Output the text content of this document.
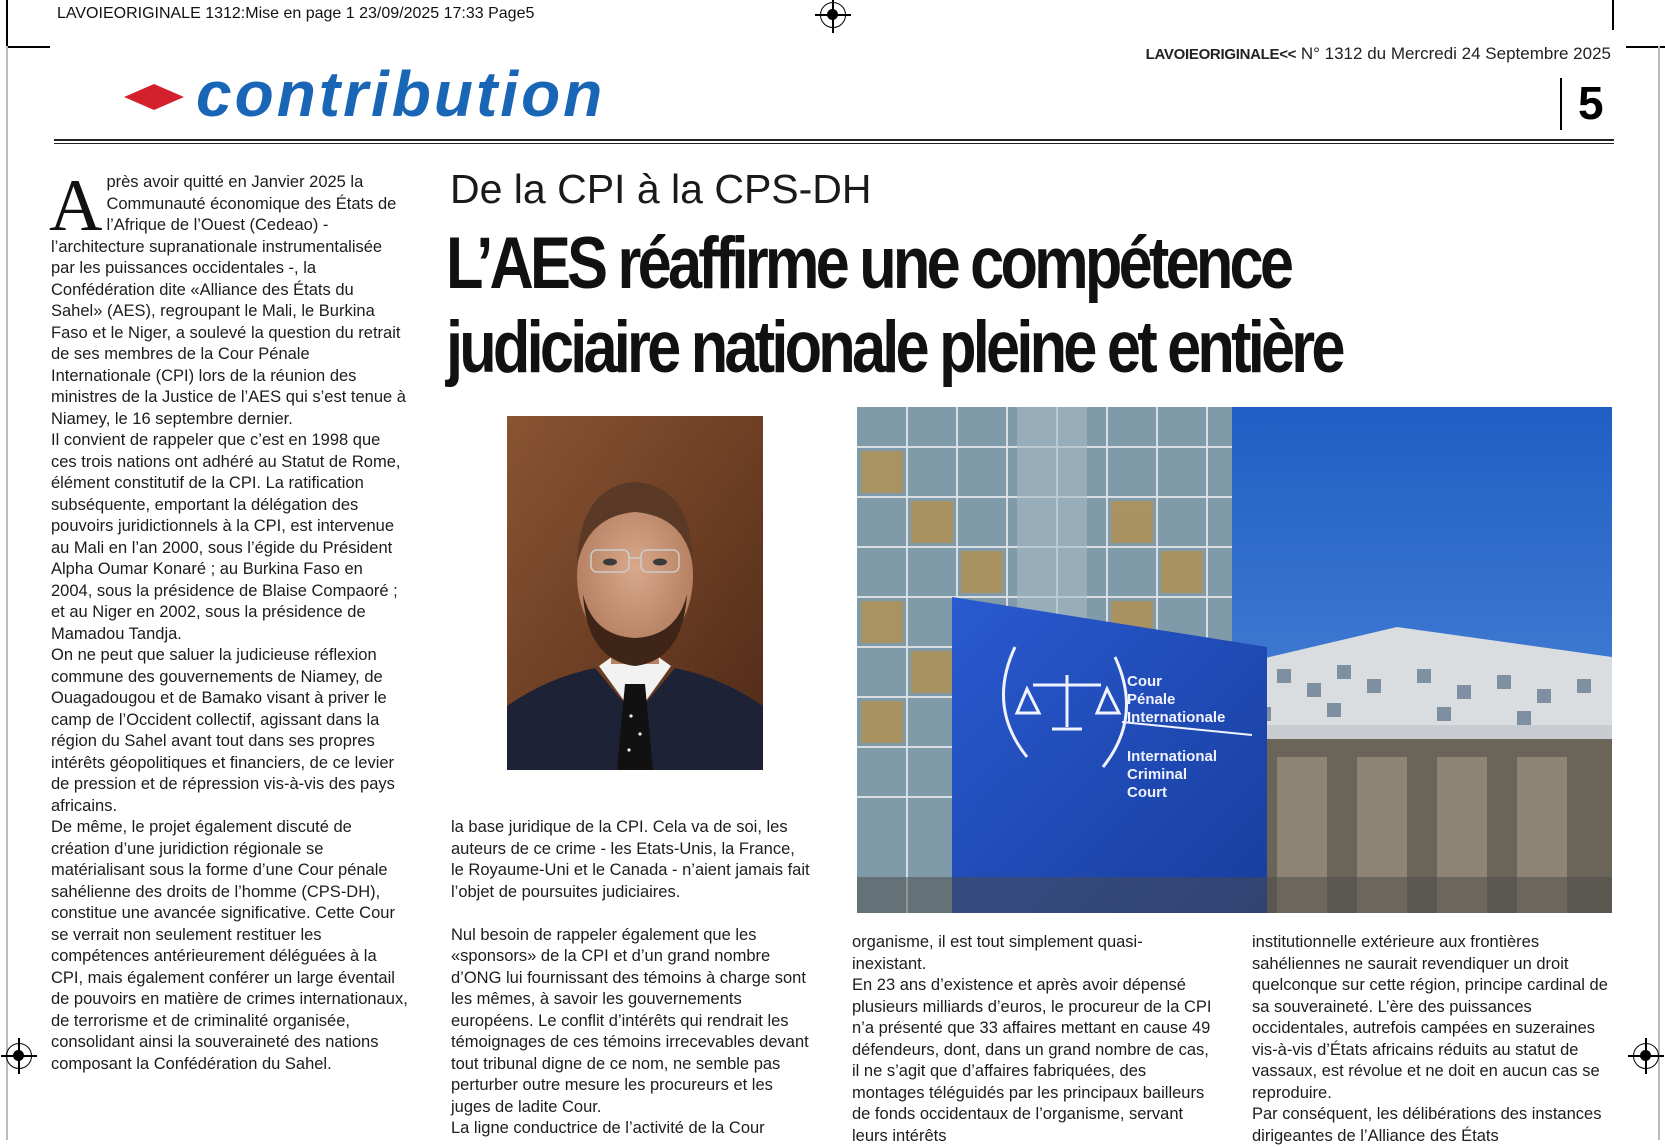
LAVOIEORIGINALE 1312:Mise en page 1 23/09/2025 17:33 Page5
LAVOIEORIGINALE<< N° 1312 du Mercredi 24 Septembre 2025
5
contribution
A près avoir quitté en Janvier 2025 la Communauté économique des États de l’Afrique de l’Ouest (Cedeao) - l’architecture supranationale instrumentalisée par les puissances occidentales -, la Confédération dite «Alliance des États du Sahel» (AES), regroupant le Mali, le Burkina Faso et le Niger, a soulevé la question du retrait de ses membres de la Cour Pénale Internationale (CPI) lors de la réunion des ministres de la Justice de l’AES qui s’est tenue à Niamey, le 16 septembre dernier.

Il convient de rappeler que c’est en 1998 que ces trois nations ont adhéré au Statut de Rome, élément constitutif de la CPI. La ratification subséquente, emportant la délégation des pouvoirs juridictionnels à la CPI, est intervenue au Mali en l’an 2000, sous l’égide du Président Alpha Oumar Konaré ; au Burkina Faso en 2004, sous la présidence de Blaise Compaoré ; et au Niger en 2002, sous la présidence de Mamadou Tandja.

On ne peut que saluer la judicieuse réflexion commune des gouvernements de Niamey, de Ouagadougou et de Bamako visant à priver le camp de l’Occident collectif, agissant dans la région du Sahel avant tout dans ses propres intérêts géopolitiques et financiers, de ce levier de pression et de répression vis-à-vis des pays africains.

De même, le projet également discuté de création d’une juridiction régionale se matérialisant sous la forme d’une Cour pénale sahélienne des droits de l’homme (CPS-DH), constitue une avancée significative. Cette Cour se verrait non seulement restituer les compétences antérieurement déléguées à la CPI, mais également conférer un large éventail de pouvoirs en matière de crimes internationaux, de terrorisme et de criminalité organisée, consolidant ainsi la souveraineté des nations composant la Confédération du Sahel.

De la CPI à la CPS-DH
L’AES réaffirme une compétence
judiciaire nationale pleine et entière
Cour
Pénale
Internationale
International
Criminal
Court

la base juridique de la CPI. Cela va de soi, les auteurs de ce crime - les Etats-Unis, la France, le Royaume-Uni et le Canada - n’aient jamais fait l’objet de poursuites judiciaires.

Nul besoin de rappeler également que les «sponsors» de la CPI et d’un grand nombre d’ONG lui fournissant des témoins à charge sont les mêmes, à savoir les gouvernements européens. Le conflit d’intérêts qui rendrait les témoignages de ces témoins irrecevables devant tout tribunal digne de ce nom, ne semble pas perturber outre mesure les procureurs et les juges de ladite Cour.

La ligne conductrice de l’activité de la Cour

organisme, il est tout simplement quasi-inexistant.

En 23 ans d’existence et après avoir dépensé plusieurs milliards d’euros, le procureur de la CPI n’a présenté que 33 affaires mettant en cause 49 défendeurs, dont, dans un grand nombre de cas, il ne s’agit que d’affaires fabriquées, des montages téléguidés par les principaux bailleurs de fonds occidentaux de l’organisme, servant leurs intérêts

institutionnelle extérieure aux frontières sahéliennes ne saurait revendiquer un droit quelconque sur cette région, principe cardinal de sa souveraineté. L’ère des puissances occidentales, autrefois campées en suzeraines vis-à-vis d’États africains réduits au statut de vassaux, est révolue et ne doit en aucun cas se reproduire.

Par conséquent, les délibérations des instances dirigeantes de l’Alliance des États
